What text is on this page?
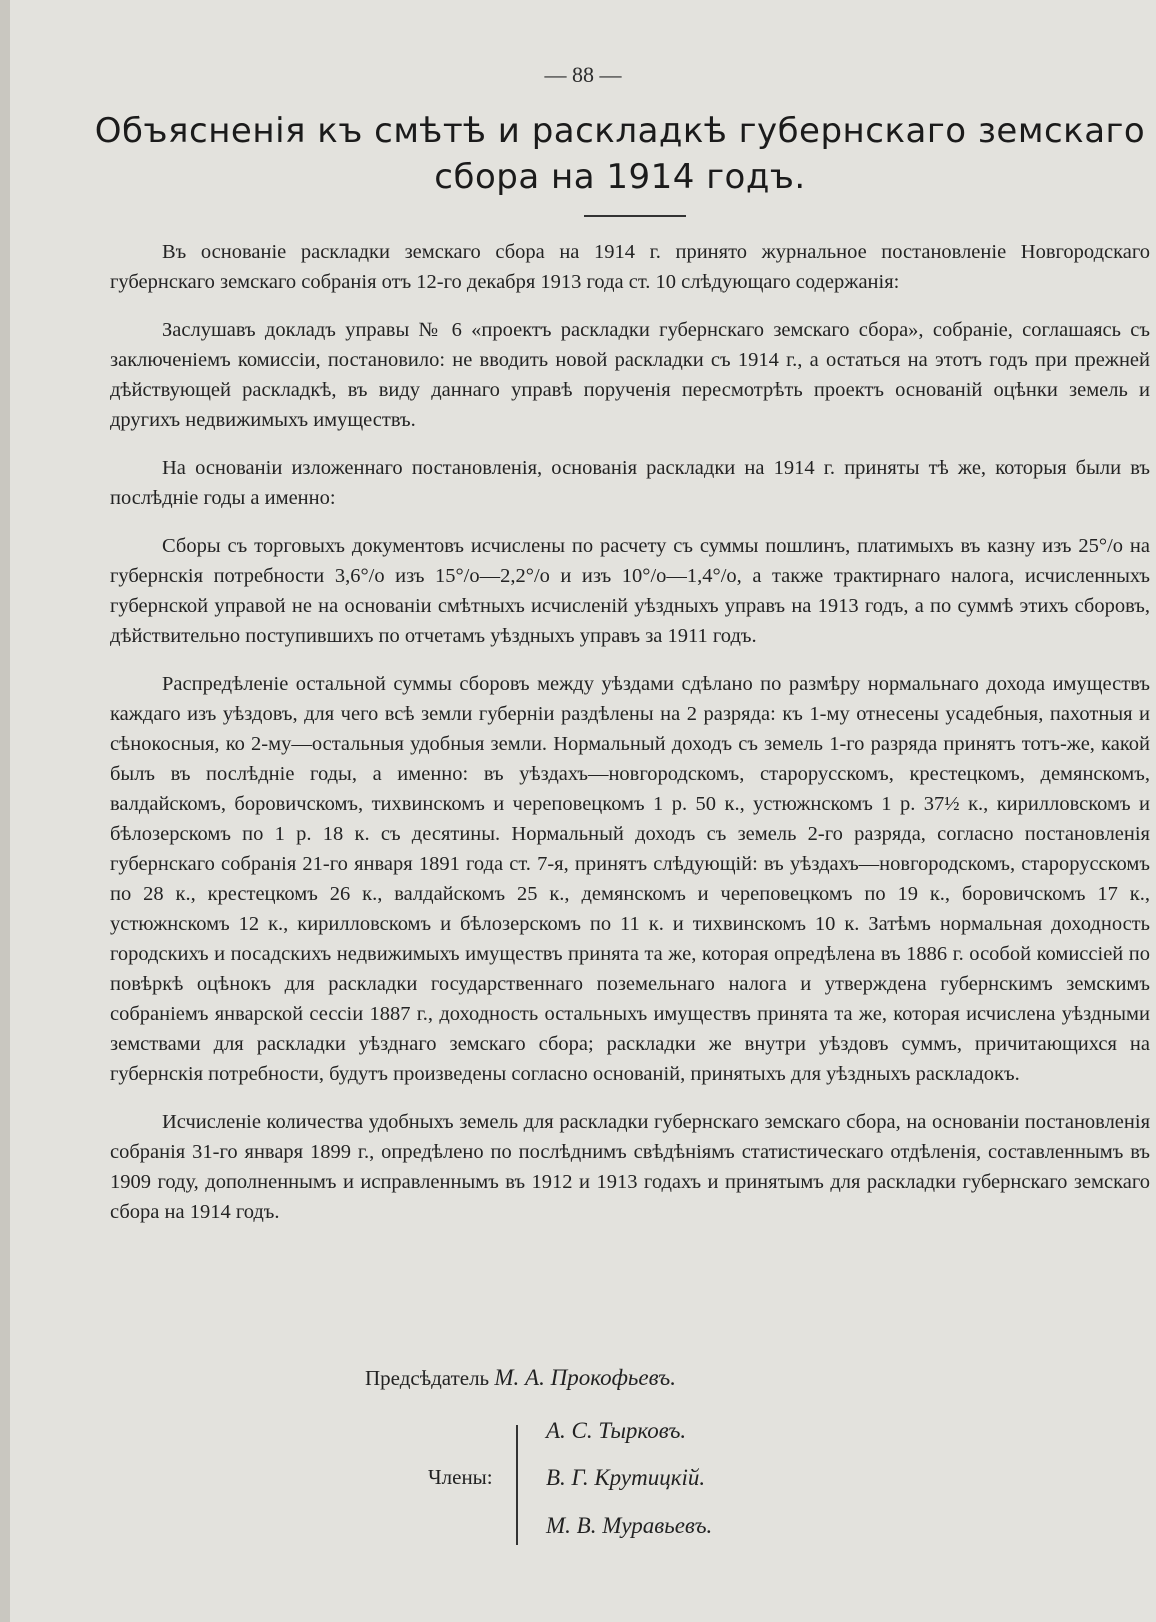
— 88 —
Объясненія къ смѣтѣ и раскладкѣ губернскаго земскаго
сбора на 1914 годъ.

Въ основаніе раскладки земскаго сбора на 1914 г. принято журнальное постановленіе Новгородскаго губернскаго земскаго собранія отъ 12-го декабря 1913 года ст. 10 слѣдующаго содержанія:

Заслушавъ докладъ управы № 6 «проектъ раскладки губернскаго земскаго сбора», собраніе, соглашаясь съ заключеніемъ комиссіи, постановило: не вводить новой раскладки съ 1914 г., а остаться на этотъ годъ при прежней дѣйствующей раскладкѣ, въ виду даннаго управѣ порученія пересмотрѣть проектъ основаній оцѣнки земель и другихъ недвижимыхъ имуществъ.

На основаніи изложеннаго постановленія, основанія раскладки на 1914 г. приняты тѣ же, которыя были въ послѣдніе годы а именно:

Сборы съ торговыхъ документовъ исчислены по расчету съ суммы пошлинъ, платимыхъ въ казну изъ 25°/о на губернскія потребности 3,6°/о изъ 15°/о—2,2°/о и изъ 10°/о—1,4°/о, а также трактирнаго налога, исчисленныхъ губернской управой не на основаніи смѣтныхъ исчисленій уѣздныхъ управъ на 1913 годъ, а по суммѣ этихъ сборовъ, дѣйствительно поступившихъ по отчетамъ уѣздныхъ управъ за 1911 годъ.

Распредѣленіе остальной суммы сборовъ между уѣздами сдѣлано по размѣру нормальнаго дохода имуществъ каждаго изъ уѣздовъ, для чего всѣ земли губерніи раздѣлены на 2 разряда: къ 1-му отнесены усадебныя, пахотныя и сѣнокосныя, ко 2-му—остальныя удобныя земли. Нормальный доходъ съ земель 1-го разряда принятъ тотъ-же, какой былъ въ послѣдніе годы, а именно: въ уѣздахъ—новгородскомъ, старорусскомъ, крестецкомъ, демянскомъ, валдайскомъ, боровичскомъ, тихвинскомъ и череповецкомъ 1 р. 50 к., устюжнскомъ 1 р. 37½ к., кирилловскомъ и бѣлозерскомъ по 1 р. 18 к. съ десятины. Нормальный доходъ съ земель 2-го разряда, согласно постановленія губернскаго собранія 21-го января 1891 года ст. 7-я, принятъ слѣдующій: въ уѣздахъ—новгородскомъ, старорусскомъ по 28 к., крестецкомъ 26 к., валдайскомъ 25 к., демянскомъ и череповецкомъ по 19 к., боровичскомъ 17 к., устюжнскомъ 12 к., кирилловскомъ и бѣлозерскомъ по 11 к. и тихвинскомъ 10 к. Затѣмъ нормальная доходность городскихъ и посадскихъ недвижимыхъ имуществъ принята та же, которая опредѣлена въ 1886 г. особой комиссіей по повѣркѣ оцѣнокъ для раскладки государственнаго поземельнаго налога и утверждена губернскимъ земскимъ собраніемъ январской сессіи 1887 г., доходность остальныхъ имуществъ принята та же, которая исчислена уѣздными земствами для раскладки уѣзднаго земскаго сбора; раскладки же внутри уѣздовъ суммъ, причитающихся на губернскія потребности, будутъ произведены согласно основаній, принятыхъ для уѣздныхъ раскладокъ.

Исчисленіе количества удобныхъ земель для раскладки губернскаго земскаго сбора, на основаніи постановленія собранія 31-го января 1899 г., опредѣлено по послѣднимъ свѣдѣніямъ статистическаго отдѣленія, составленнымъ въ 1909 году, дополненнымъ и исправленнымъ въ 1912 и 1913 годахъ и принятымъ для раскладки губернскаго земскаго сбора на 1914 годъ.

Предсѣдатель М. А. Прокофьевъ.
Члены:
А. С. Тырковъ.
В. Г. Крутицкій.
М. В. Муравьевъ.
